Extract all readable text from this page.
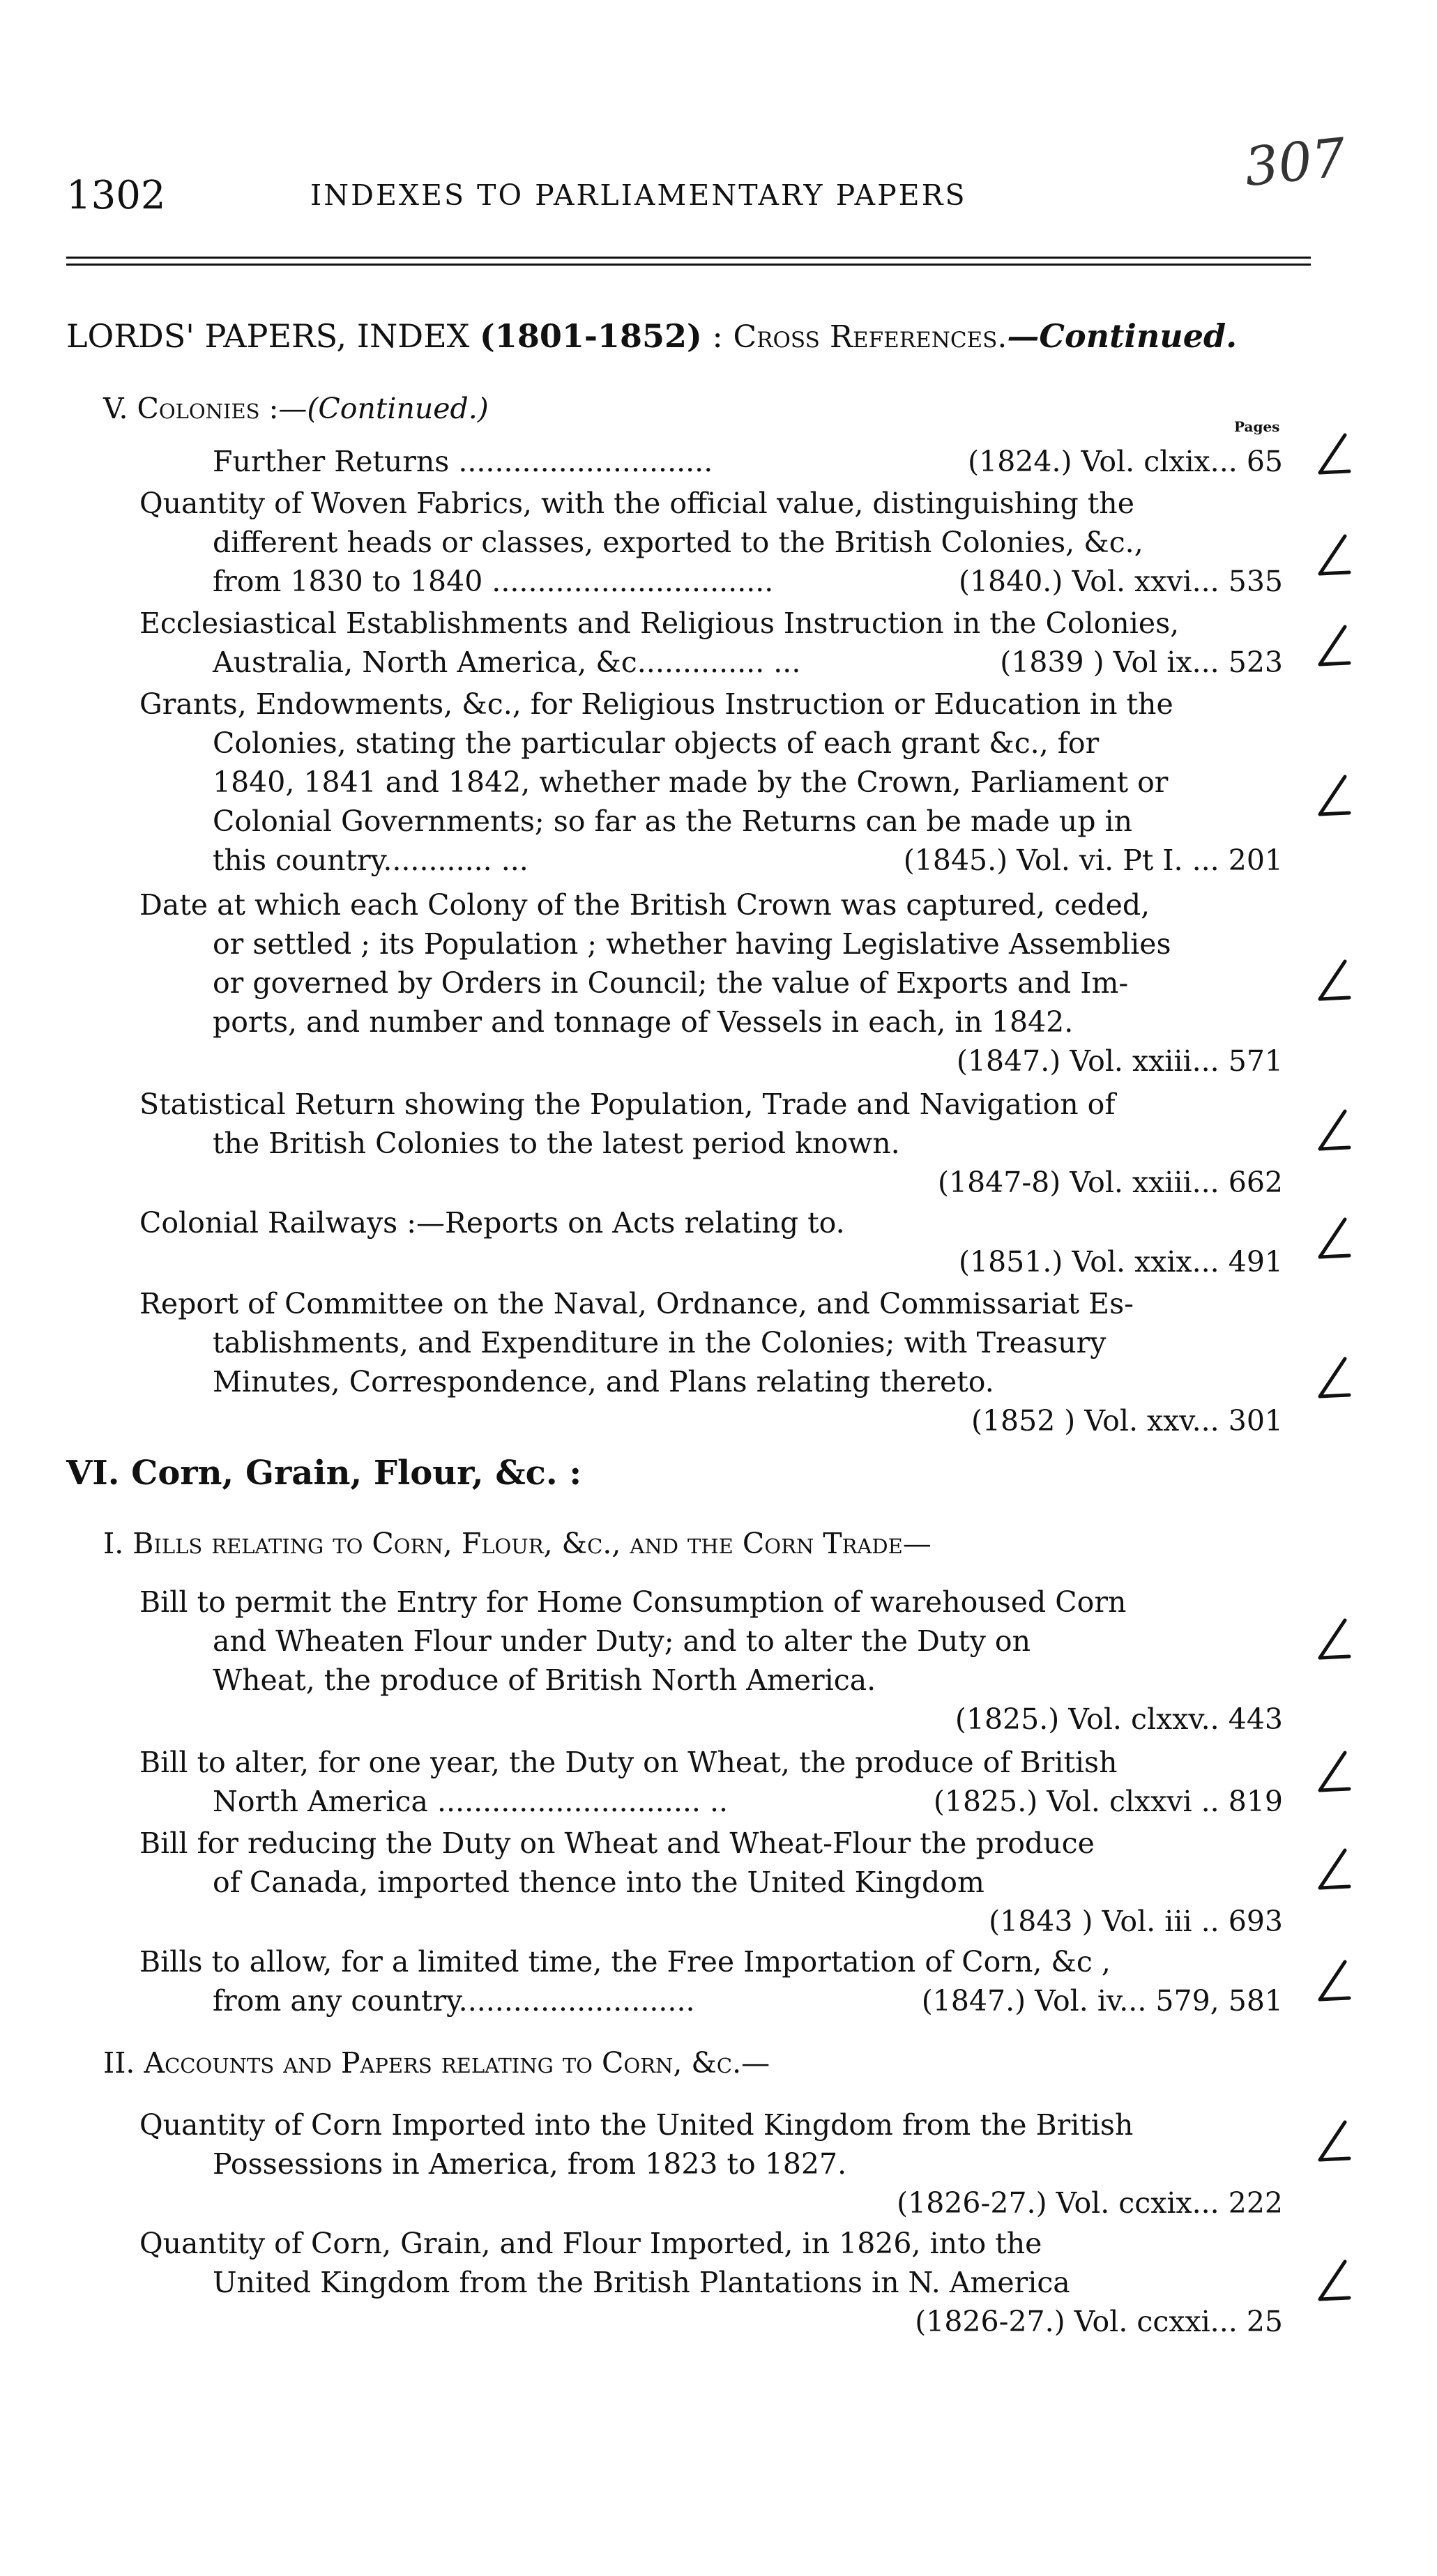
1302	INDEXES TO PARLIAMENTARY PAPERS	307
LORDS' PAPERS, INDEX (1801-1852) : Cross References.—Continued.
V. Colonies :—(Continued.)
Pages
Further Returns ............................	(1824.) Vol. clxix... 65
Quantity of Woven Fabrics, with the official value, distinguishing the
different heads or classes, exported to the British Colonies, &c.,
from 1830 to 1840 ...............................	(1840.) Vol. xxvi... 535
Ecclesiastical Establishments and Religious Instruction in the Colonies,
Australia, North America, &c.............. ...	(1839 ) Vol ix... 523
Grants, Endowments, &c., for Religious Instruction or Education in the
Colonies, stating the particular objects of each grant &c., for
1840, 1841 and 1842, whether made by the Crown, Parliament or
Colonial Governments; so far as the Returns can be made up in
this country............ ...	(1845.) Vol. vi. Pt I. ... 201
Date at which each Colony of the British Crown was captured, ceded,
or settled ; its Population ; whether having Legislative Assemblies
or governed by Orders in Council; the value of Exports and Im-
ports, and number and tonnage of Vessels in each, in 1842.
(1847.) Vol. xxiii... 571
Statistical Return showing the Population, Trade and Navigation of
the British Colonies to the latest period known.
(1847-8) Vol. xxiii... 662
Colonial Railways :—Reports on Acts relating to.
(1851.) Vol. xxix... 491
Report of Committee on the Naval, Ordnance, and Commissariat Es-
tablishments, and Expenditure in the Colonies; with Treasury
Minutes, Correspondence, and Plans relating thereto.
(1852 ) Vol. xxv... 301
VI. Corn, Grain, Flour, &c. :
I. Bills relating to Corn, Flour, &c., and the Corn Trade—
Bill to permit the Entry for Home Consumption of warehoused Corn
and Wheaten Flour under Duty; and to alter the Duty on
Wheat, the produce of British North America.
(1825.) Vol. clxxv.. 443
Bill to alter, for one year, the Duty on Wheat, the produce of British
North America ............................. ..	(1825.) Vol. clxxvi .. 819
Bill for reducing the Duty on Wheat and Wheat-Flour the produce
of Canada, imported thence into the United Kingdom
(1843 ) Vol. iii .. 693
Bills to allow, for a limited time, the Free Importation of Corn, &c ,
from any country..........................	(1847.) Vol. iv... 579, 581
II. Accounts and Papers relating to Corn, &c.—
Quantity of Corn Imported into the United Kingdom from the British
Possessions in America, from 1823 to 1827.
(1826-27.) Vol. ccxix... 222
Quantity of Corn, Grain, and Flour Imported, in 1826, into the
United Kingdom from the British Plantations in N. America
(1826-27.) Vol. ccxxi... 25
